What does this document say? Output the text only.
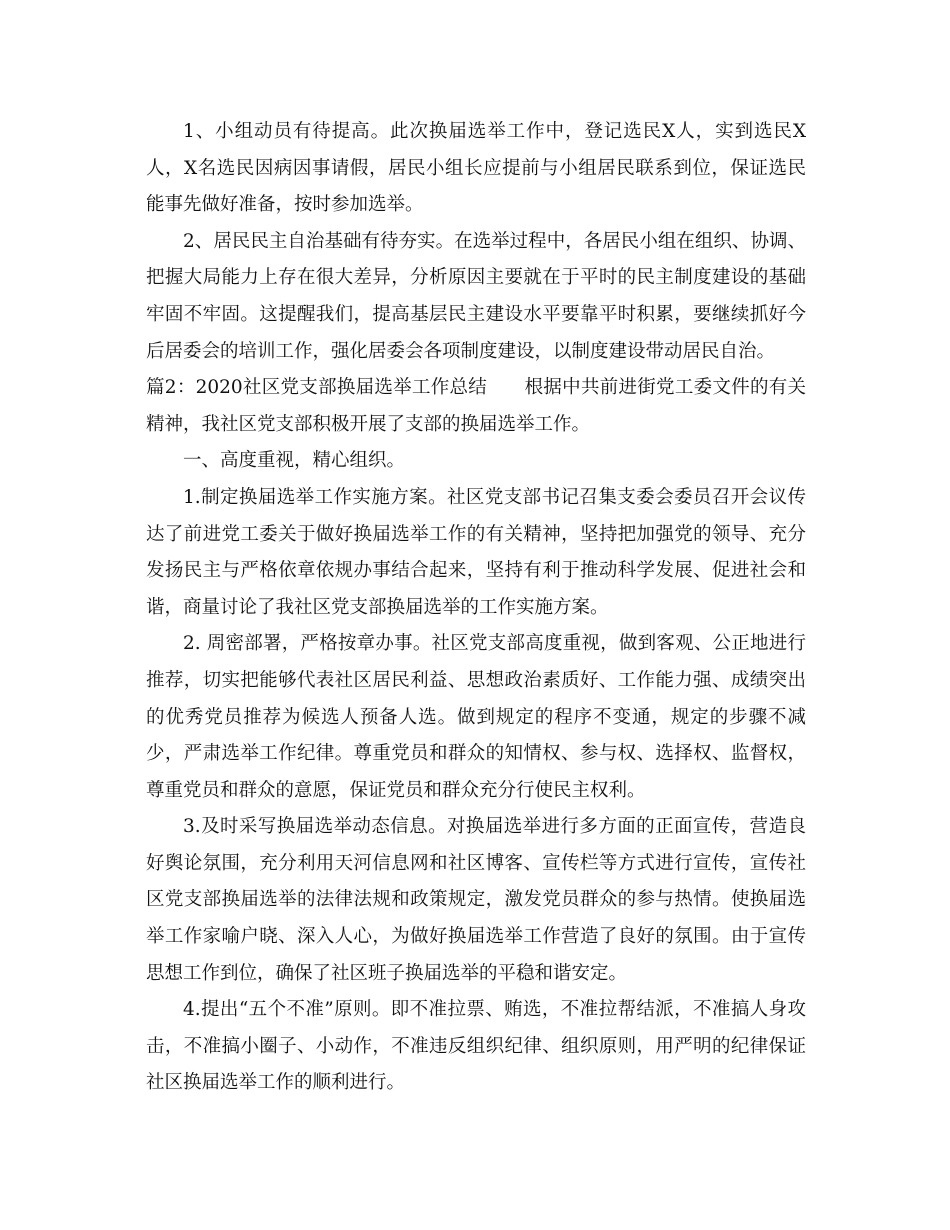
1、小组动员有待提高。此次换届选举工作中，登记选民X人，实到选民X人，X名选民因病因事请假，居民小组长应提前与小组居民联系到位，保证选民能事先做好准备，按时参加选举。

2、居民民主自治基础有待夯实。在选举过程中，各居民小组在组织、协调、把握大局能力上存在很大差异，分析原因主要就在于平时的民主制度建设的基础牢固不牢固。这提醒我们，提高基层民主建设水平要靠平时积累，要继续抓好今后居委会的培训工作，强化居委会各项制度建设，以制度建设带动居民自治。

篇2：2020社区党支部换届选举工作总结　　根据中共前进街党工委文件的有关精神，我社区党支部积极开展了支部的换届选举工作。

一、高度重视，精心组织。

1.制定换届选举工作实施方案。社区党支部书记召集支委会委员召开会议传达了前进党工委关于做好换届选举工作的有关精神，坚持把加强党的领导、充分发扬民主与严格依章依规办事结合起来，坚持有利于推动科学发展、促进社会和谐，商量讨论了我社区党支部换届选举的工作实施方案。

2. 周密部署，严格按章办事。社区党支部高度重视，做到客观、公正地进行推荐，切实把能够代表社区居民利益、思想政治素质好、工作能力强、成绩突出的优秀党员推荐为候选人预备人选。做到规定的程序不变通，规定的步骤不减少，严肃选举工作纪律。尊重党员和群众的知情权、参与权、选择权、监督权，尊重党员和群众的意愿，保证党员和群众充分行使民主权利。

3.及时采写换届选举动态信息。对换届选举进行多方面的正面宣传，营造良好舆论氛围，充分利用天河信息网和社区博客、宣传栏等方式进行宣传，宣传社区党支部换届选举的法律法规和政策规定，激发党员群众的参与热情。使换届选举工作家喻户晓、深入人心，为做好换届选举工作营造了良好的氛围。由于宣传思想工作到位，确保了社区班子换届选举的平稳和谐安定。

4.提出“五个不准”原则。即不准拉票、贿选，不准拉帮结派，不准搞人身攻击，不准搞小圈子、小动作，不准违反组织纪律、组织原则，用严明的纪律保证社区换届选举工作的顺利进行。
